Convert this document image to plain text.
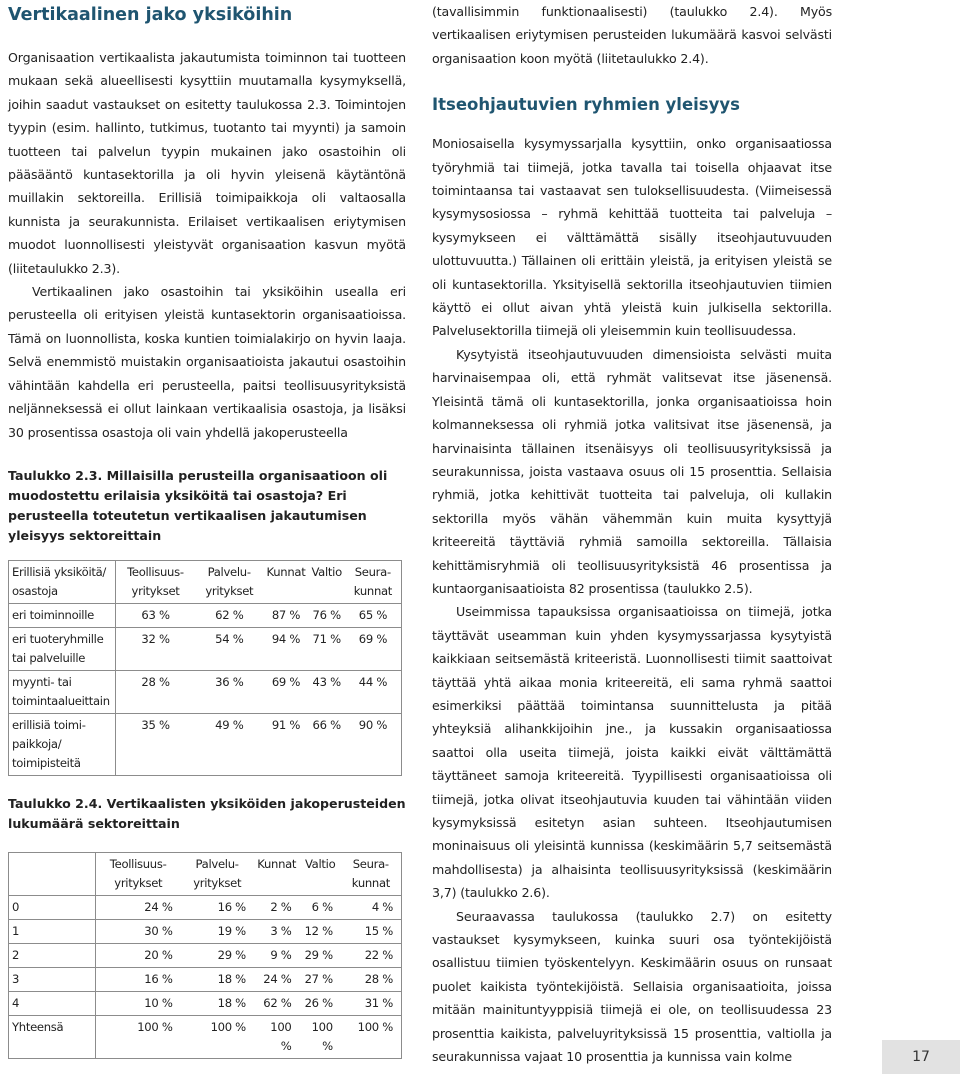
Vertikaalinen jako yksiköihin

Organisaation vertikaalista jakautumista toiminnon tai tuotteen mukaan sekä alueellisesti kysyttiin muutamalla kysymyksellä, joihin saadut vastaukset on esitetty taulukossa 2.3. Toimintojen tyypin (esim. hallinto, tutkimus, tuotanto tai myynti) ja samoin tuotteen tai palvelun tyypin mukainen jako osastoihin oli pääsääntö kuntasektorilla ja oli hyvin yleisenä käytäntönä muillakin sektoreilla. Erillisiä toimipaikkoja oli valtaosalla kunnista ja seurakunnista. Erilaiset vertikaalisen eriytymisen muodot luonnollisesti yleistyvät organisaation kasvun myötä (liitetaulukko 2.3).

Vertikaalinen jako osastoihin tai yksiköihin usealla eri perusteella oli erityisen yleistä kuntasektorin organisaatioissa. Tämä on luonnollista, koska kuntien toimialakirjo on hyvin laaja. Selvä enemmistö muistakin organisaatioista jakautui osastoihin vähintään kahdella eri perusteella, paitsi teollisuusyrityksistä neljänneksessä ei ollut lainkaan vertikaalisia osastoja, ja lisäksi 30 prosentissa osastoja oli vain yhdellä jakoperusteella

Taulukko 2.3. Millaisilla perusteilla organisaatioon oli muodostettu erilaisia yksiköitä tai osastoja? Eri perusteella toteutetun vertikaalisen jakautumisen yleisyys sektoreittain

Erillisiä yksiköitä/ osastoja	Teollisuusyritykset	Palveluyritykset	Kunnat	Valtio	Seurakunnat
eri toiminnoille	63 %	62 %	87 %	76 %	65 %
eri tuoteryhmille tai palveluille	32 %	54 %	94 %	71 %	69 %
myynti- tai toimintaalueittain	28 %	36 %	69 %	43 %	44 %
erillisiä toimipaikkoja/ toimipisteitä	35 %	49 %	91 %	66 %	90 %

Taulukko 2.4. Vertikaalisten yksiköiden jakoperusteiden lukumäärä sektoreittain

	Teollisuusyritykset	Palveluyritykset	Kunnat	Valtio	Seurakunnat
0	24 %	16 %	2 %	6 %	4 %
1	30 %	19 %	3 %	12 %	15 %
2	20 %	29 %	9 %	29 %	22 %
3	16 %	18 %	24 %	27 %	28 %
4	10 %	18 %	62 %	26 %	31 %
Yhteensä	100 %	100 %	100 %	100 %	100 %

(tavallisimmin funktionaalisesti) (taulukko 2.4). Myös vertikaalisen eriytymisen perusteiden lukumäärä kasvoi selvästi organisaation koon myötä (liitetaulukko 2.4).

Itseohjautuvien ryhmien yleisyys

Moniosaisella kysymyssarjalla kysyttiin, onko organisaatiossa työryhmiä tai tiimejä, jotka tavalla tai toisella ohjaavat itse toimintaansa tai vastaavat sen tuloksellisuudesta. (Viimeisessä kysymysosiossa – ryhmä kehittää tuotteita tai palveluja – kysymykseen ei välttämättä sisälly itseohjautuvuuden ulottuvuutta.) Tällainen oli erittäin yleistä, ja erityisen yleistä se oli kuntasektorilla. Yksityisellä sektorilla itseohjautuvien tiimien käyttö ei ollut aivan yhtä yleistä kuin julkisella sektorilla. Palvelusektorilla tiimejä oli yleisemmin kuin teollisuudessa.

Kysytyistä itseohjautuvuuden dimensioista selvästi muita harvinaisempaa oli, että ryhmät valitsevat itse jäsenensä. Yleisintä tämä oli kuntasektorilla, jonka organisaatioissa hoin kolmanneksessa oli ryhmiä jotka valitsivat itse jäsenensä, ja harvinaisinta tällainen itsenäisyys oli teollisuusyrityksissä ja seurakunnissa, joista vastaava osuus oli 15 prosenttia. Sellaisia ryhmiä, jotka kehittivät tuotteita tai palveluja, oli kullakin sektorilla myös vähän vähemmän kuin muita kysyttyjä kriteereitä täyttäviä ryhmiä samoilla sektoreilla. Tällaisia kehittämisryhmiä oli teollisuusyrityksistä 46 prosentissa ja kuntaorganisaatioista 82 prosentissa (taulukko 2.5).

Useimmissa tapauksissa organisaatioissa on tiimejä, jotka täyttävät useamman kuin yhden kysymyssarjassa kysytyistä kaikkiaan seitsemästä kriteeristä. Luonnollisesti tiimit saattoivat täyttää yhtä aikaa monia kriteereitä, eli sama ryhmä saattoi esimerkiksi päättää toimintansa suunnittelusta ja pitää yhteyksiä alihankkijoihin jne., ja kussakin organisaatiossa saattoi olla useita tiimejä, joista kaikki eivät välttämättä täyttäneet samoja kriteereitä. Tyypillisesti organisaatioissa oli tiimejä, jotka olivat itseohjautuvia kuuden tai vähintään viiden kysymyksissä esitetyn asian suhteen. Itseohjautumisen moninaisuus oli yleisintä kunnissa (keskimäärin 5,7 seitsemästä mahdollisesta) ja alhaisinta teollisuusyrityksissä (keskimäärin 3,7) (taulukko 2.6).

Seuraavassa taulukossa (taulukko 2.7) on esitetty vastaukset kysymykseen, kuinka suuri osa työntekijöistä osallistuu tiimien työskentelyyn. Keskimäärin osuus on runsaat puolet kaikista työntekijöistä. Sellaisia organisaatioita, joissa mitään mainituntyyppisiä tiimejä ei ole, on teollisuudessa 23 prosenttia kaikista, palveluyrityksissä 15 prosenttia, valtiolla ja seurakunnissa vajaat 10 prosenttia ja kunnissa vain kolme	17
